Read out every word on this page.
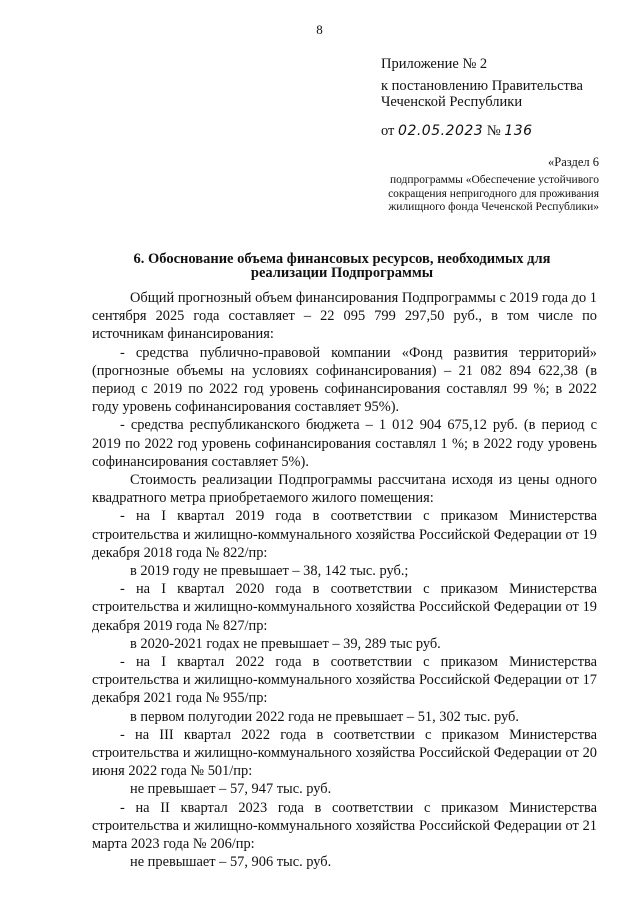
8
Приложение № 2
к постановлению Правительства
Чеченской Республики
от 02.05.2023 № 136
«Раздел 6
подпрограммы «Обеспечение устойчивого
сокращения непригодного для проживания
жилищного фонда Чеченской Республики»
6. Обоснование объема финансовых ресурсов, необходимых для
реализации Подпрограммы

Общий прогнозный объем финансирования Подпрограммы с 2019 года до 1 сентября 2025 года составляет – 22 095 799 297,50 руб., в том числе по источникам финансирования:

- средства публично-правовой компании «Фонд развития территорий» (прогнозные объемы на условиях софинансирования) – 21 082 894 622,38 (в период с 2019 по 2022 год уровень софинансирования составлял 99 %; в 2022 году уровень софинансирования составляет 95%).

- средства республиканского бюджета – 1 012 904 675,12 руб. (в период с 2019 по 2022 год уровень софинансирования составлял 1 %; в 2022 году уровень софинансирования составляет 5%).

Стоимость реализации Подпрограммы рассчитана исходя из цены одного квадратного метра приобретаемого жилого помещения:

- на I квартал 2019 года в соответствии с приказом Министерства строительства и жилищно-коммунального хозяйства Российской Федерации от 19 декабря 2018 года № 822/пр:

в 2019 году не превышает – 38, 142 тыс. руб.;

- на I квартал 2020 года в соответствии с приказом Министерства строительства и жилищно-коммунального хозяйства Российской Федерации от 19 декабря 2019 года № 827/пр:

в 2020-2021 годах не превышает – 39, 289 тыс руб.

- на I квартал 2022 года в соответствии с приказом Министерства строительства и жилищно-коммунального хозяйства Российской Федерации от 17 декабря 2021 года № 955/пр:

в первом полугодии 2022 года не превышает – 51, 302 тыс. руб.

- на III квартал 2022 года в соответствии с приказом Министерства строительства и жилищно-коммунального хозяйства Российской Федерации от 20 июня 2022 года № 501/пр:

не превышает – 57, 947 тыс. руб.

- на II квартал 2023 года в соответствии с приказом Министерства строительства и жилищно-коммунального хозяйства Российской Федерации от 21 марта 2023 года № 206/пр:

не превышает – 57, 906 тыс. руб.
